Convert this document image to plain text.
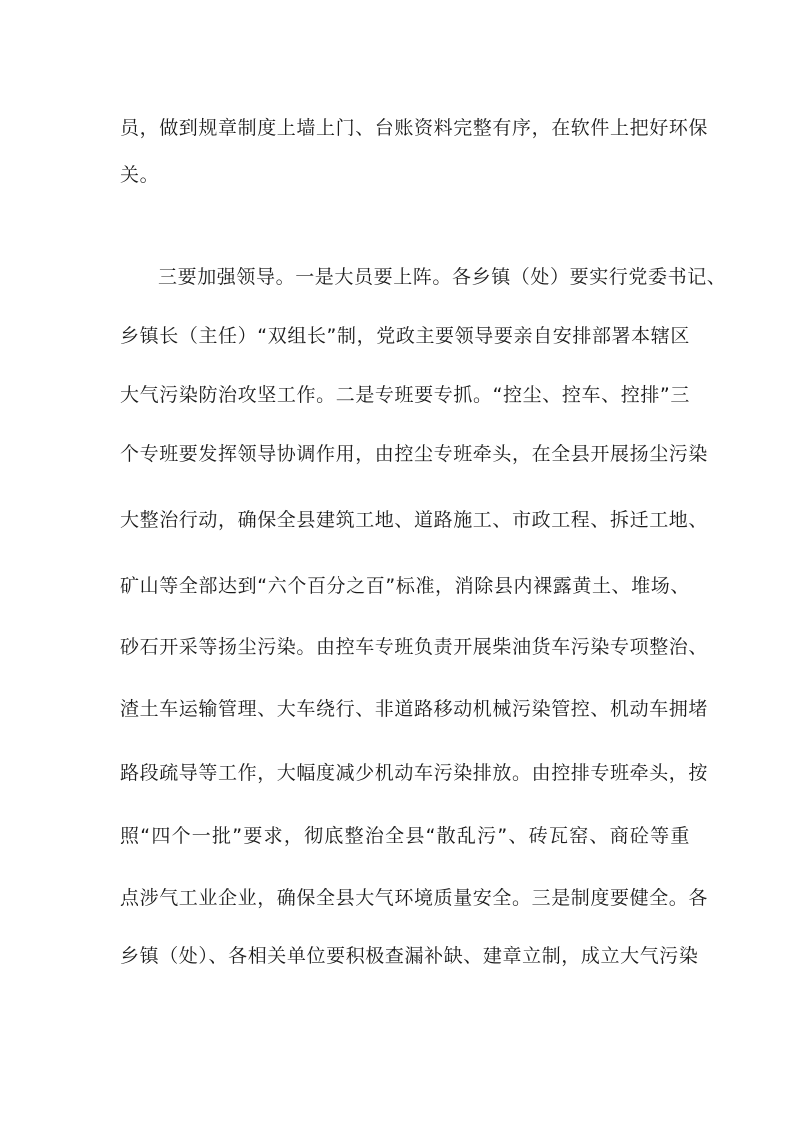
员，做到规章制度上墙上门、台账资料完整有序，在软件上把好环保
关。
三要加强领导。一是大员要上阵。各乡镇（处）要实行党委书记、
乡镇长（主任）“双组长”制，党政主要领导要亲自安排部署本辖区
大气污染防治攻坚工作。二是专班要专抓。“控尘、控车、控排”三
个专班要发挥领导协调作用，由控尘专班牵头，在全县开展扬尘污染
大整治行动，确保全县建筑工地、道路施工、市政工程、拆迁工地、
矿山等全部达到“六个百分之百”标准，消除县内裸露黄土、堆场、
砂石开采等扬尘污染。由控车专班负责开展柴油货车污染专项整治、
渣土车运输管理、大车绕行、非道路移动机械污染管控、机动车拥堵
路段疏导等工作，大幅度减少机动车污染排放。由控排专班牵头，按
照“四个一批”要求，彻底整治全县“散乱污”、砖瓦窑、商砼等重
点涉气工业企业，确保全县大气环境质量安全。三是制度要健全。各
乡镇（处）、各相关单位要积极查漏补缺、建章立制，成立大气污染
